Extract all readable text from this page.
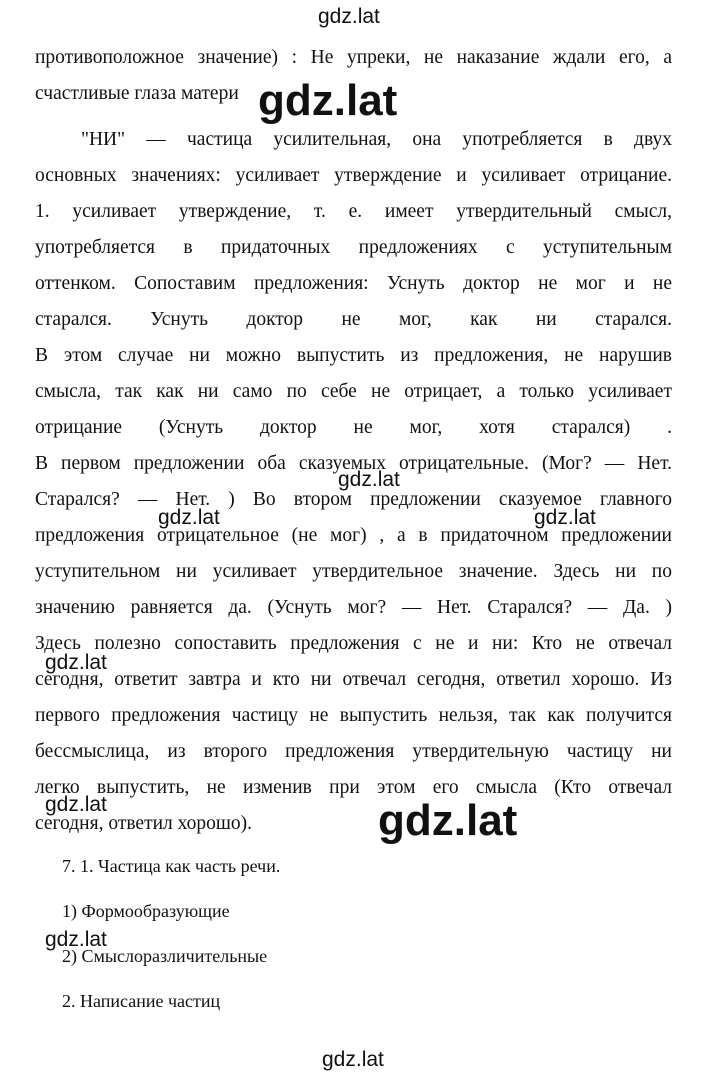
противоположное значение) : Не упреки, не наказание ждали его, а
счастливые глаза матери

"НИ" — частица усилительная, она употребляется в двух
основных значениях: усиливает утверждение и усиливает отрицание.
1. усиливает утверждение, т. е. имеет утвердительный смысл,
употребляется в придаточных предложениях с уступительным
оттенком. Сопоставим предложения: Уснуть доктор не мог и не
старался. Уснуть доктор не мог, как ни старался.
В этом случае ни можно выпустить из предложения, не нарушив
смысла, так как ни само по себе не отрицает, а только усиливает
отрицание (Уснуть доктор не мог, хотя старался) .
В первом предложении оба сказуемых отрицательные. (Мог? — Нет.
Старался? — Нет. ) Во втором предложении сказуемое главного
предложения отрицательное (не мог) , а в придаточном предложении
уступительном ни усиливает утвердительное значение. Здесь ни по
значению равняется да. (Уснуть мог? — Нет. Старался? — Да. )
Здесь полезно сопоставить предложения с не и ни: Кто не отвечал
сегодня, ответит завтра и кто ни отвечал сегодня, ответил хорошо. Из
первого предложения частицу не выпустить нельзя, так как получится
бессмыслица, из второго предложения утвердительную частицу ни
легко выпустить, не изменив при этом его смысла (Кто отвечал
сегодня, ответил хорошо).

7. 1. Частица как часть речи.
1) Формообразующие
2) Смыслоразличительные
2. Написание частиц
gdz.lat
gdz.lat
gdz.lat
gdz.lat	gdz.lat
gdz.lat
gdz.lat	gdz.lat
gdz.lat
gdz.lat
